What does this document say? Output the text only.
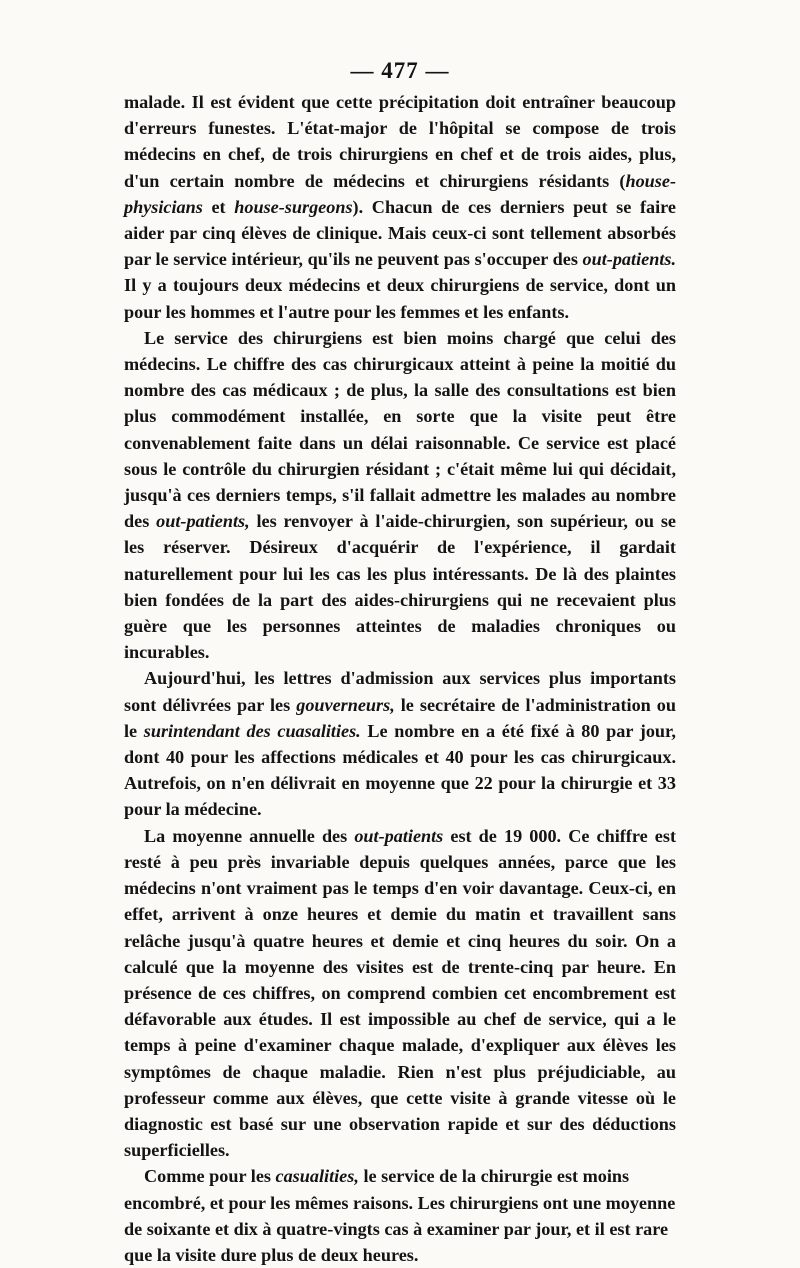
— 477 —

malade. Il est évident que cette précipitation doit entraîner beaucoup d'erreurs funestes. L'état-major de l'hôpital se compose de trois médecins en chef, de trois chirurgiens en chef et de trois aides, plus, d'un certain nombre de médecins et chirurgiens résidants (house-physicians et house-surgeons). Chacun de ces derniers peut se faire aider par cinq élèves de clinique. Mais ceux-ci sont tellement absorbés par le service intérieur, qu'ils ne peuvent pas s'occuper des out-patients. Il y a toujours deux médecins et deux chirurgiens de service, dont un pour les hommes et l'autre pour les femmes et les enfants.

Le service des chirurgiens est bien moins chargé que celui des médecins. Le chiffre des cas chirurgicaux atteint à peine la moitié du nombre des cas médicaux ; de plus, la salle des consultations est bien plus commodément installée, en sorte que la visite peut être convenablement faite dans un délai raisonnable. Ce service est placé sous le contrôle du chirurgien résidant ; c'était même lui qui décidait, jusqu'à ces derniers temps, s'il fallait admettre les malades au nombre des out-patients, les renvoyer à l'aide-chirurgien, son supérieur, ou se les réserver. Désireux d'acquérir de l'expérience, il gardait naturellement pour lui les cas les plus intéressants. De là des plaintes bien fondées de la part des aides-chirurgiens qui ne recevaient plus guère que les personnes atteintes de maladies chroniques ou incurables.

Aujourd'hui, les lettres d'admission aux services plus importants sont délivrées par les gouverneurs, le secrétaire de l'administration ou le surintendant des cuasalities. Le nombre en a été fixé à 80 par jour, dont 40 pour les affections médicales et 40 pour les cas chirurgicaux. Autrefois, on n'en délivrait en moyenne que 22 pour la chirurgie et 33 pour la médecine.

La moyenne annuelle des out-patients est de 19 000. Ce chiffre est resté à peu près invariable depuis quelques années, parce que les médecins n'ont vraiment pas le temps d'en voir davantage. Ceux-ci, en effet, arrivent à onze heures et demie du matin et travaillent sans relâche jusqu'à quatre heures et demie et cinq heures du soir. On a calculé que la moyenne des visites est de trente-cinq par heure. En présence de ces chiffres, on comprend combien cet encombrement est défavorable aux études. Il est impossible au chef de service, qui a le temps à peine d'examiner chaque malade, d'expliquer aux élèves les symptômes de chaque maladie. Rien n'est plus préjudiciable, au professeur comme aux élèves, que cette visite à grande vitesse où le diagnostic est basé sur une observation rapide et sur des déductions superficielles.

Comme pour les casualities, le service de la chirurgie est moins encombré, et pour les mêmes raisons. Les chirurgiens ont une moyenne de soixante et dix à quatre-vingts cas à examiner par jour, et il est rare que la visite dure plus de deux heures.
